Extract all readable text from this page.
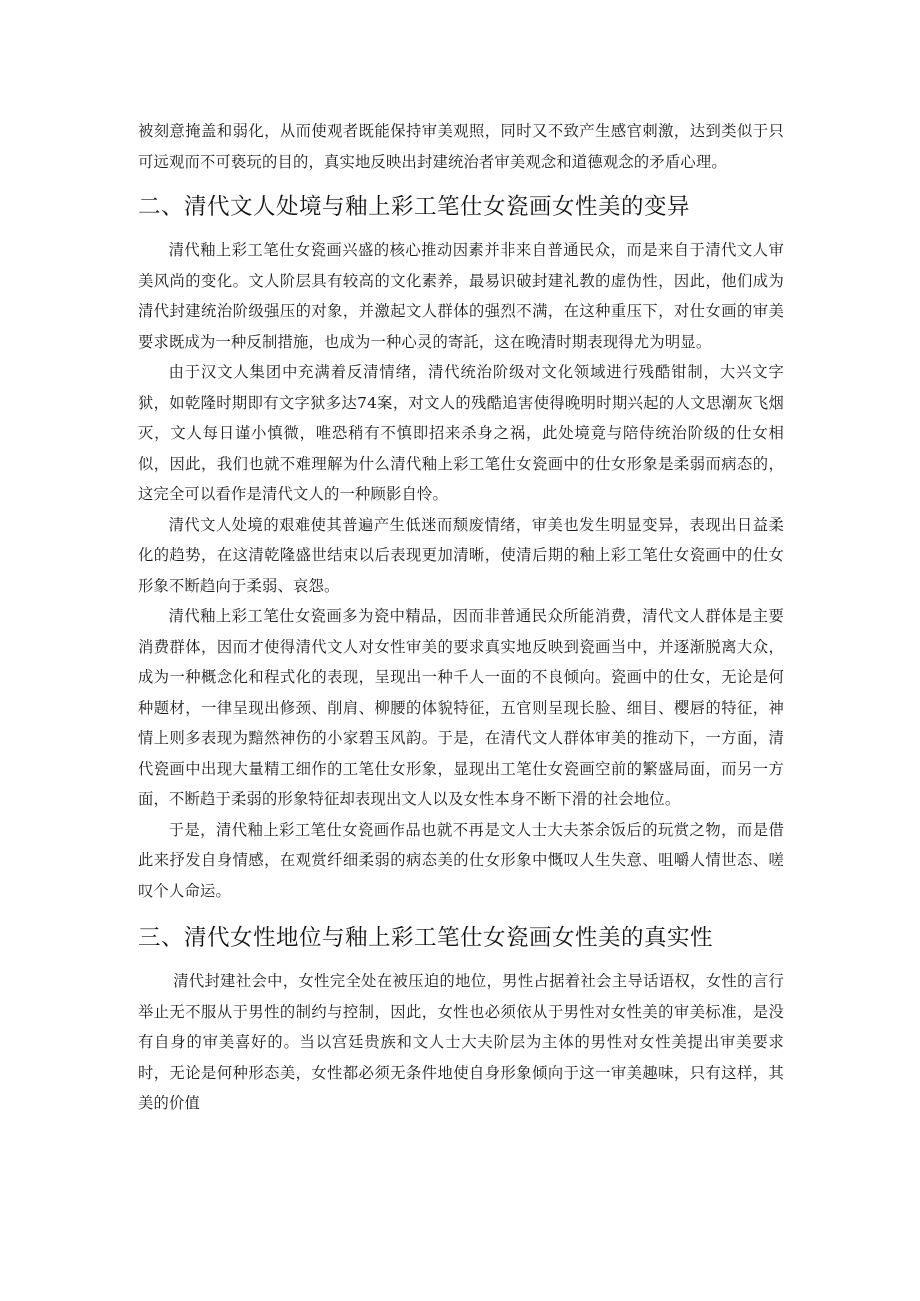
被刻意掩盖和弱化，从而使观者既能保持审美观照，同时又不致产生感官刺激，达到类似于只可远观而不可亵玩的目的，真实地反映出封建统治者审美观念和道德观念的矛盾心理。

二、清代文人处境与釉上彩工笔仕女瓷画女性美的变异

清代釉上彩工笔仕女瓷画兴盛的核心推动因素并非来自普通民众，而是来自于清代文人审美风尚的变化。文人阶层具有较高的文化素养，最易识破封建礼教的虚伪性，因此，他们成为清代封建统治阶级强压的对象，并激起文人群体的强烈不满，在这种重压下，对仕女画的审美要求既成为一种反制措施，也成为一种心灵的寄託，这在晚清时期表现得尤为明显。

由于汉文人集团中充满着反清情绪，清代统治阶级对文化领域进行残酷钳制，大兴文字狱，如乾隆时期即有文字狱多达74案，对文人的残酷追害使得晚明时期兴起的人文思潮灰飞烟灭，文人每日谨小慎微，唯恐稍有不慎即招来杀身之祸，此处境竟与陪侍统治阶级的仕女相似，因此，我们也就不难理解为什么清代釉上彩工笔仕女瓷画中的仕女形象是柔弱而病态的，这完全可以看作是清代文人的一种顾影自怜。

清代文人处境的艰难使其普遍产生低迷而颓废情绪，审美也发生明显变异，表现出日益柔化的趋势，在这清乾隆盛世结束以后表现更加清晰，使清后期的釉上彩工笔仕女瓷画中的仕女形象不断趋向于柔弱、哀怨。

清代釉上彩工笔仕女瓷画多为瓷中精品，因而非普通民众所能消费，清代文人群体是主要消费群体，因而才使得清代文人对女性审美的要求真实地反映到瓷画当中，并逐渐脱离大众，成为一种概念化和程式化的表现，呈现出一种千人一面的不良倾向。瓷画中的仕女，无论是何种题材，一律呈现出修颈、削肩、柳腰的体貌特征，五官则呈现长脸、细目、樱唇的特征，神情上则多表现为黯然神伤的小家碧玉风韵。于是，在清代文人群体审美的推动下，一方面，清代瓷画中出现大量精工细作的工笔仕女形象，显现出工笔仕女瓷画空前的繁盛局面，而另一方面，不断趋于柔弱的形象特征却表现出文人以及女性本身不断下滑的社会地位。

于是，清代釉上彩工笔仕女瓷画作品也就不再是文人士大夫茶余饭后的玩赏之物，而是借此来抒发自身情感，在观赏纤细柔弱的病态美的仕女形象中慨叹人生失意、咀嚼人情世态、嗟叹个人命运。

三、清代女性地位与釉上彩工笔仕女瓷画女性美的真实性

清代封建社会中，女性完全处在被压迫的地位，男性占据着社会主导话语权，女性的言行举止无不服从于男性的制约与控制，因此，女性也必须依从于男性对女性美的审美标准，是没有自身的审美喜好的。当以宫廷贵族和文人士大夫阶层为主体的男性对女性美提出审美要求时，无论是何种形态美，女性都必须无条件地使自身形象倾向于这一审美趣味，只有这样，其美的价值
